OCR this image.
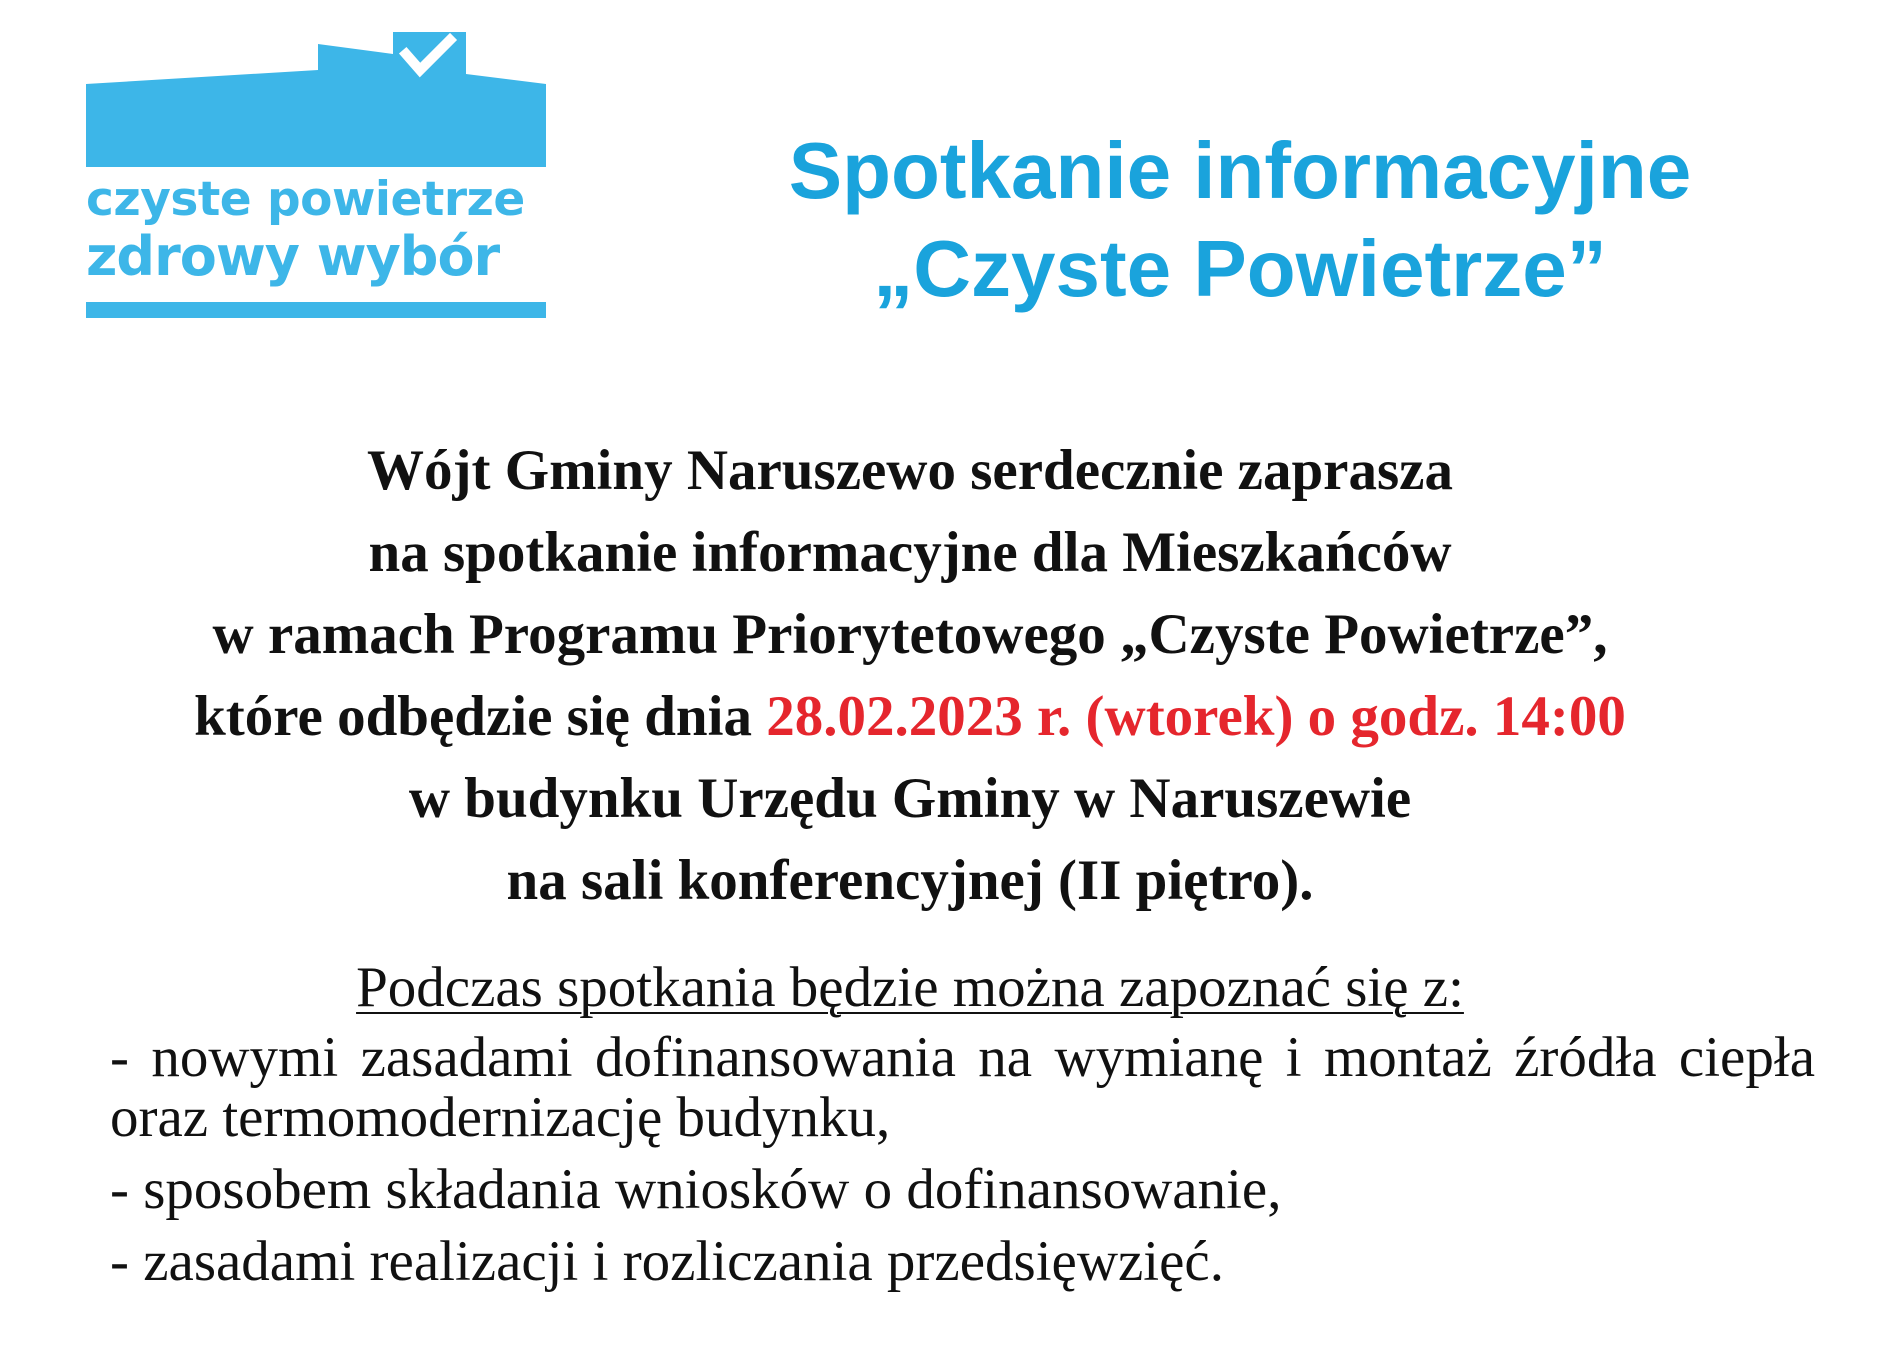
czyste powietrze
zdrowy wybór
Spotkanie informacyjne
„Czyste Powietrze”
Wójt Gminy Naruszewo serdecznie zaprasza
na spotkanie informacyjne dla Mieszkańców
w ramach Programu Priorytetowego „Czyste Powietrze”,
które odbędzie się dnia 28.02.2023 r. (wtorek) o godz. 14:00
w budynku Urzędu Gminy w Naruszewie
na sali konferencyjnej (II piętro).
Podczas spotkania będzie można zapoznać się z:
- nowymi zasadami dofinansowania na wymianę i montaż źródła ciepła oraz termomodernizację budynku,
- sposobem składania wniosków o dofinansowanie,
- zasadami realizacji i rozliczania przedsięwzięć.
